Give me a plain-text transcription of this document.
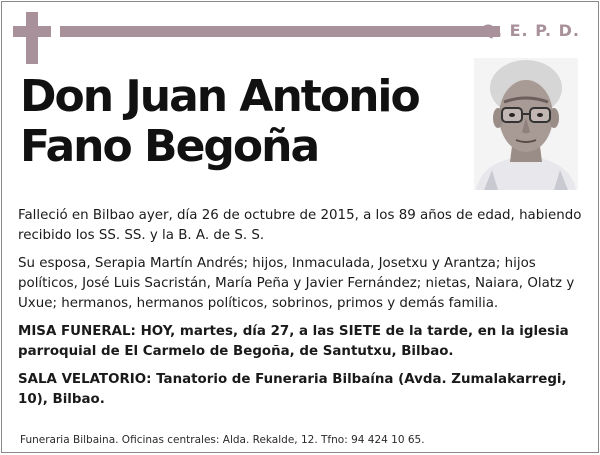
Q. E. P. D.
Don Juan Antonio
Fano Begoña

Falleció en Bilbao ayer, día 26 de octubre de 2015, a los 89 años de edad, habiendo recibido los SS. SS. y la B. A. de S. S.

Su esposa, Serapia Martín Andrés; hijos, Inmaculada, Josetxu y Arantza; hijos políticos, José Luis Sacristán, María Peña y Javier Fernández; nietas, Naiara, Olatz y Uxue; hermanos, hermanos políticos, sobrinos, primos y demás familia.

MISA FUNERAL: HOY, martes, día 27, a las SIETE de la tarde, en la iglesia parroquial de El Carmelo de Begoña, de Santutxu, Bilbao.

SALA VELATORIO: Tanatorio de Funeraria Bilbaína (Avda. Zumalakarregi, 10), Bilbao.

Funeraria Bilbaina. Oficinas centrales: Alda. Rekalde, 12. Tfno: 94 424 10 65.
